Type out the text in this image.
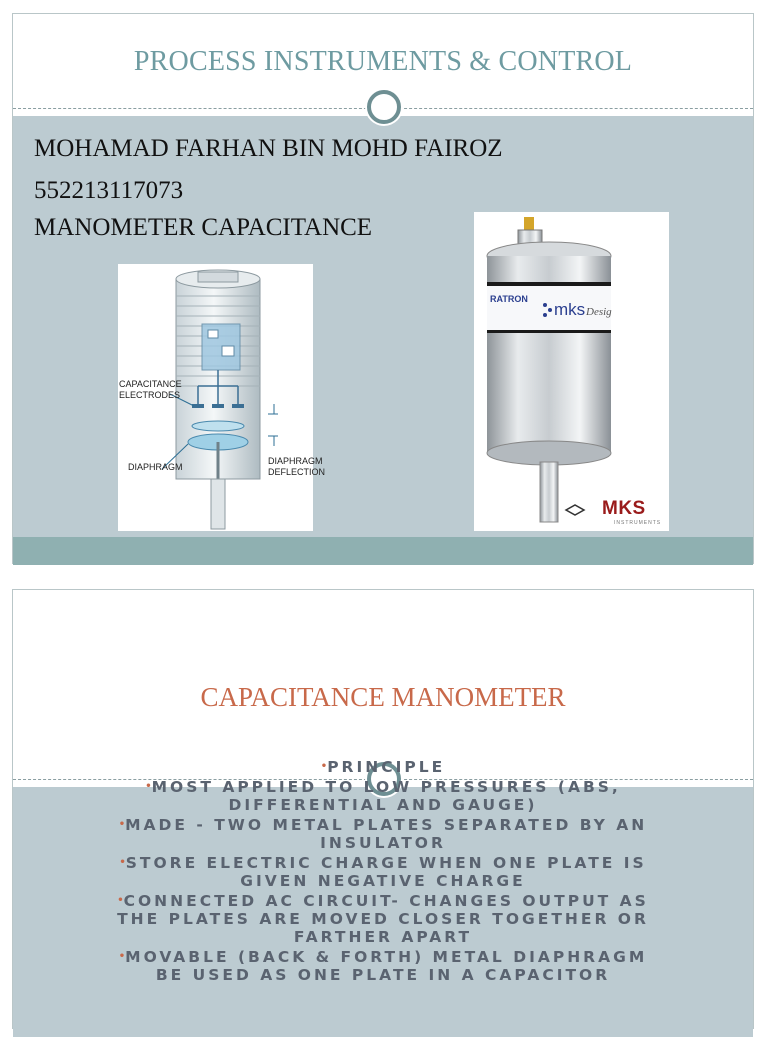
PROCESS INSTRUMENTS & CONTROL
MOHAMAD FARHAN BIN MOHD FAIROZ
552213117073
MANOMETER CAPACITANCE
CAPACITANCE ELECTRODES
DIAPHRAGM
DIAPHRAGM DEFLECTION
RATRON
mks Desig
MKS
INSTRUMENTS
CAPACITANCE MANOMETER
•PRINCIPLE
•MOST APPLIED TO LOW PRESSURES (ABS, DIFFERENTIAL AND GAUGE)
•MADE - TWO METAL PLATES SEPARATED BY AN INSULATOR
•STORE ELECTRIC CHARGE WHEN ONE PLATE IS GIVEN NEGATIVE CHARGE
•CONNECTED AC CIRCUIT- CHANGES OUTPUT AS THE PLATES ARE MOVED CLOSER TOGETHER OR FARTHER APART
•MOVABLE (BACK & FORTH) METAL DIAPHRAGM BE USED AS ONE PLATE IN A CAPACITOR
